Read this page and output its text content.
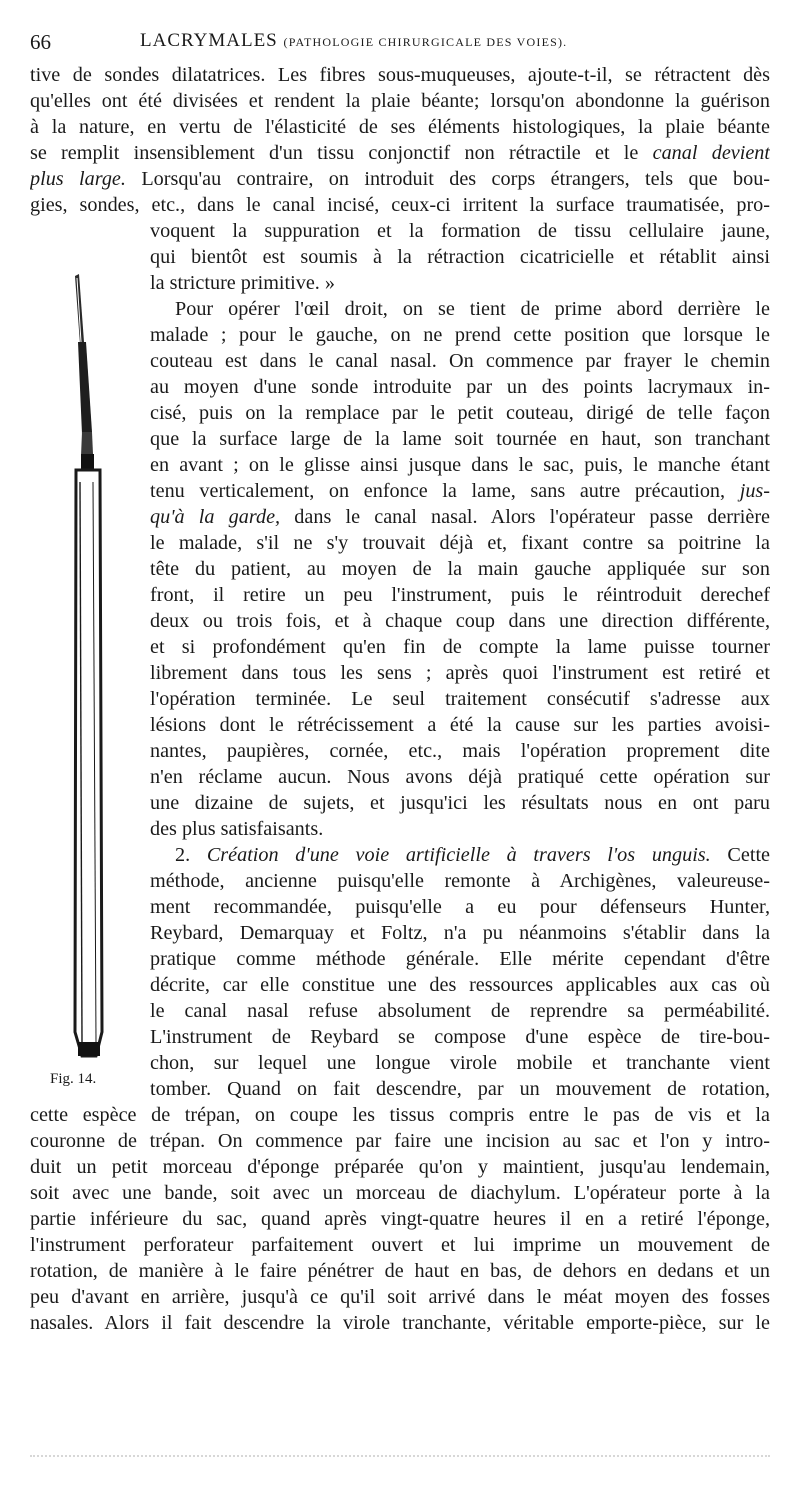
66	LACRYMALES (PATHOLOGIE CHIRURGICALE DES VOIES).
tive de sondes dilatatrices. Les fibres sous-muqueuses, ajoute-t-il, se rétractent dès
qu'elles ont été divisées et rendent la plaie béante; lorsqu'on abondonne la guérison
à la nature, en vertu de l'élasticité de ses éléments histologiques, la plaie béante
se remplit insensiblement d'un tissu conjonctif non rétractile et le canal devient
plus large. Lorsqu'au contraire, on introduit des corps étrangers, tels que bou-
gies, sondes, etc., dans le canal incisé, ceux-ci irritent la surface traumatisée, pro-
voquent la suppuration et la formation de tissu cellulaire jaune,
qui bientôt est soumis à la rétraction cicatricielle et rétablit ainsi
la stricture primitive. »
Pour opérer l'œil droit, on se tient de prime abord derrière le
malade ; pour le gauche, on ne prend cette position que lorsque le
couteau est dans le canal nasal. On commence par frayer le chemin
au moyen d'une sonde introduite par un des points lacrymaux in-
cisé, puis on la remplace par le petit couteau, dirigé de telle façon
que la surface large de la lame soit tournée en haut, son tranchant
en avant ; on le glisse ainsi jusque dans le sac, puis, le manche étant
tenu verticalement, on enfonce la lame, sans autre précaution, jus-
qu'à la garde, dans le canal nasal. Alors l'opérateur passe derrière
le malade, s'il ne s'y trouvait déjà et, fixant contre sa poitrine la
tête du patient, au moyen de la main gauche appliquée sur son
front, il retire un peu l'instrument, puis le réintroduit derechef
deux ou trois fois, et à chaque coup dans une direction différente,
et si profondément qu'en fin de compte la lame puisse tourner
librement dans tous les sens ; après quoi l'instrument est retiré et
l'opération terminée. Le seul traitement consécutif s'adresse aux
lésions dont le rétrécissement a été la cause sur les parties avoisi-
nantes, paupières, cornée, etc., mais l'opération proprement dite
n'en réclame aucun. Nous avons déjà pratiqué cette opération sur
une dizaine de sujets, et jusqu'ici les résultats nous en ont paru
des plus satisfaisants.
2. Création d'une voie artificielle à travers l'os unguis. Cette
méthode, ancienne puisqu'elle remonte à Archigènes, valeureuse-
ment recommandée, puisqu'elle a eu pour défenseurs Hunter,
Reybard, Demarquay et Foltz, n'a pu néanmoins s'établir dans la
pratique comme méthode générale. Elle mérite cependant d'être
décrite, car elle constitue une des ressources applicables aux cas où
le canal nasal refuse absolument de reprendre sa perméabilité.
L'instrument de Reybard se compose d'une espèce de tire-bou-
chon, sur lequel une longue virole mobile et tranchante vient
tomber. Quand on fait descendre, par un mouvement de rotation,
cette espèce de trépan, on coupe les tissus compris entre le pas de vis et la
couronne de trépan. On commence par faire une incision au sac et l'on y intro-
duit un petit morceau d'éponge préparée qu'on y maintient, jusqu'au lendemain,
soit avec une bande, soit avec un morceau de diachylum. L'opérateur porte à la
partie inférieure du sac, quand après vingt-quatre heures il en a retiré l'éponge,
l'instrument perforateur parfaitement ouvert et lui imprime un mouvement de
rotation, de manière à le faire pénétrer de haut en bas, de dehors en dedans et un
peu d'avant en arrière, jusqu'à ce qu'il soit arrivé dans le méat moyen des fosses
nasales. Alors il fait descendre la virole tranchante, véritable emporte-pièce, sur le
Fig. 14.
